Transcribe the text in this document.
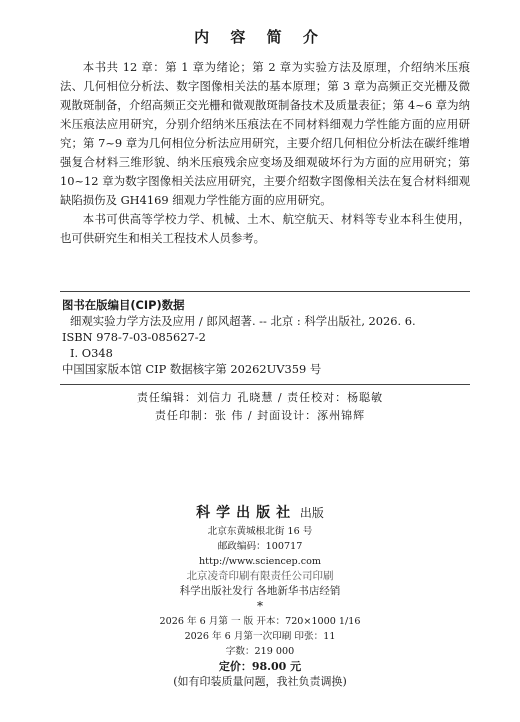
内 容 简 介

本书共 12 章：第 1 章为绪论；第 2 章为实验方法及原理，介绍纳米压痕法、几何相位分析法、数字图像相关法的基本原理；第 3 章为高频正交光栅及微观散斑制备，介绍高频正交光栅和微观散斑制备技术及质量表征；第 4~6 章为纳米压痕法应用研究，分别介绍纳米压痕法在不同材料细观力学性能方面的应用研究；第 7~9 章为几何相位分析法应用研究，主要介绍几何相位分析法在碳纤维增强复合材料三维形貌、纳米压痕残余应变场及细观破坏行为方面的应用研究；第 10~12 章为数字图像相关法应用研究，主要介绍数字图像相关法在复合材料细观缺陷损伤及 GH4169 细观力学性能方面的应用研究。

本书可供高等学校力学、机械、土木、航空航天、材料等专业本科生使用，也可供研究生和相关工程技术人员参考。

图书在版编目(CIP)数据
细观实验力学方法及应用 / 郎风超著. -- 北京 : 科学出版社, 2026. 6.
ISBN 978-7-03-085627-2
Ⅰ. O348
中国国家版本馆 CIP 数据核字第 20262UV359 号
责任编辑：刘信力 孔晓慧 / 责任校对：杨聪敏
责任印制：张 伟 / 封面设计：涿州锦辉
科学出版社 出版
北京东黄城根北街 16 号
邮政编码：100717
http://www.sciencep.com
北京凌奇印刷有限责任公司印刷
科学出版社发行 各地新华书店经销
*
2026 年 6 月第 一 版 开本：720×1000 1/16
2026 年 6 月第一次印刷 印张：11
字数：219 000
定价：98.00 元
(如有印装质量问题，我社负责调换)
